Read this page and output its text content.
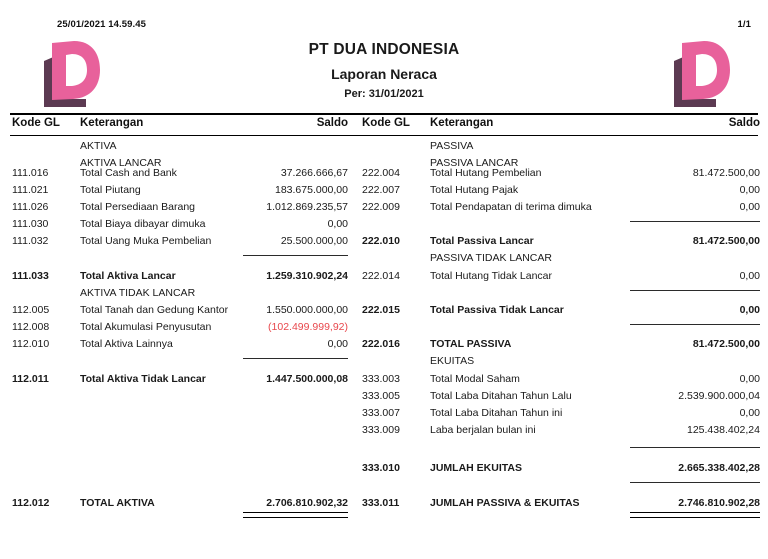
25/01/2021 14.59.45	1/1
PT DUA INDONESIA
Laporan Neraca
Per: 31/01/2021
Kode GL Keterangan	Saldo Kode GL Keterangan	Saldo
AKTIVA
AKTIVA LANCAR
111.016	Total Cash and Bank	37.266.666,67
111.021	Total Piutang	183.675.000,00
111.026	Total Persediaan Barang	1.012.869.235,57
111.030	Total Biaya dibayar dimuka	0,00
111.032	Total Uang Muka Pembelian	25.500.000,00
111.033	Total Aktiva Lancar	1.259.310.902,24
AKTIVA TIDAK LANCAR
112.005	Total Tanah dan Gedung Kantor	1.550.000.000,00
112.008	Total Akumulasi Penyusutan	(102.499.999,92)
112.010	Total Aktiva Lainnya	0,00
112.011	Total Aktiva Tidak Lancar	1.447.500.000,08
112.012	TOTAL AKTIVA	2.706.810.902,32
PASSIVA
PASSIVA LANCAR
222.004	Total Hutang Pembelian	81.472.500,00
222.007	Total Hutang Pajak	0,00
222.009	Total Pendapatan di terima dimuka	0,00
222.010	Total Passiva Lancar	81.472.500,00
PASSIVA TIDAK LANCAR
222.014	Total Hutang Tidak Lancar	0,00
222.015	Total Passiva Tidak Lancar	0,00
222.016	TOTAL PASSIVA	81.472.500,00
EKUITAS
333.003	Total Modal Saham	0,00
333.005	Total Laba Ditahan Tahun Lalu	2.539.900.000,04
333.007	Total Laba Ditahan Tahun ini	0,00
333.009	Laba berjalan bulan ini	125.438.402,24
333.010	JUMLAH EKUITAS	2.665.338.402,28
333.011	JUMLAH PASSIVA & EKUITAS	2.746.810.902,28
